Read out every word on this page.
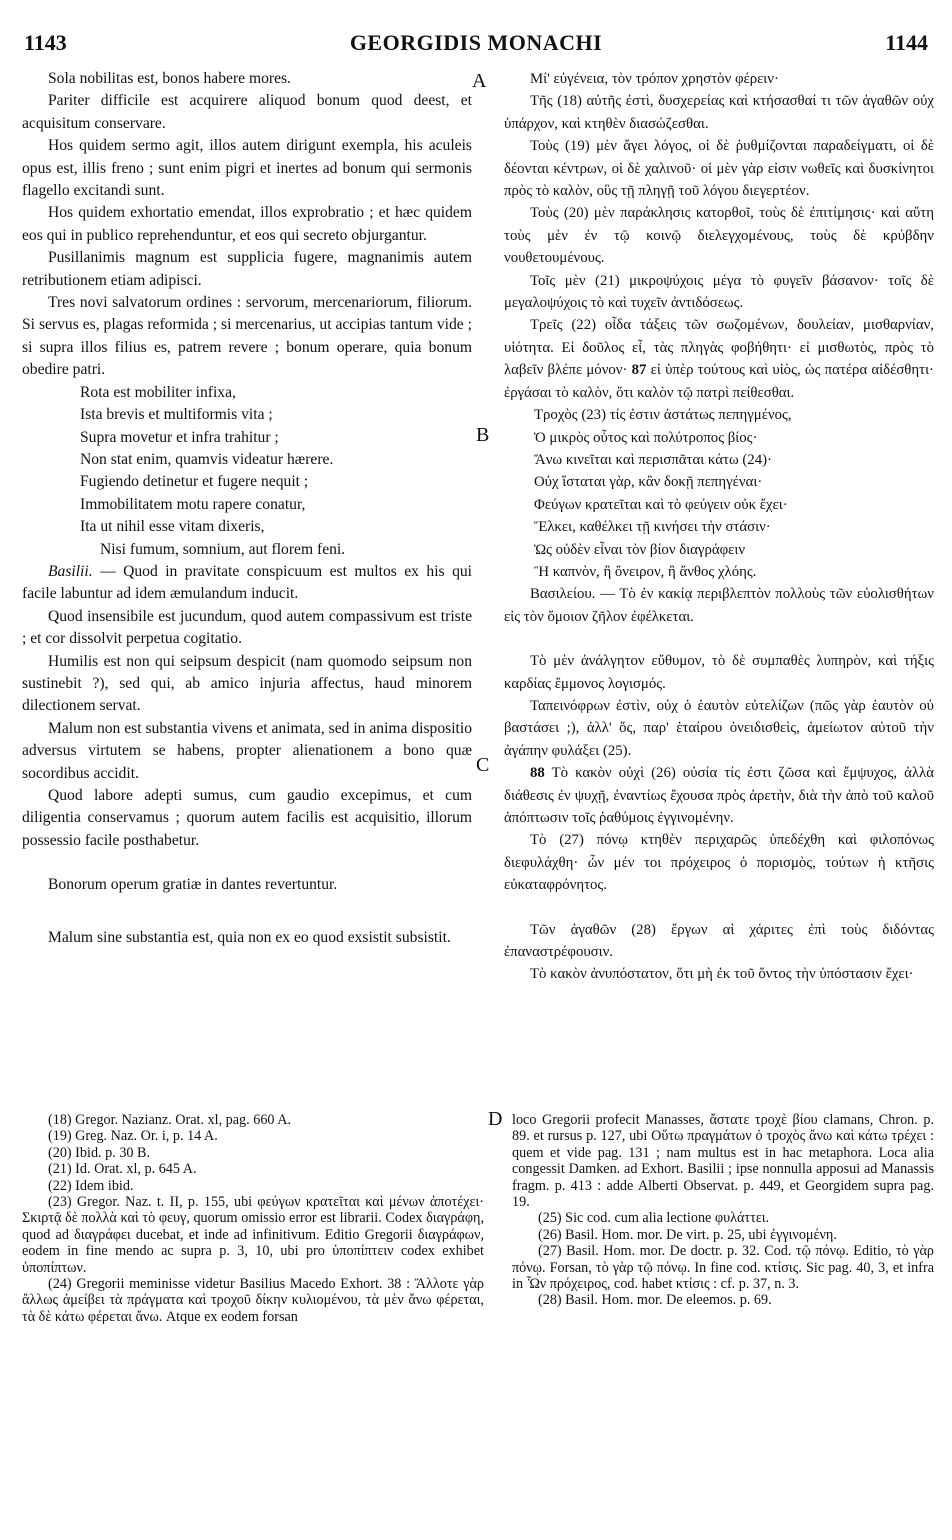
1143	GEORGIDIS MONACHI	1144
A
B
C
D

Sola nobilitas est, bonos habere mores.

Pariter difficile est acquirere aliquod bonum quod deest, et acquisitum conservare.

Hos quidem sermo agit, illos autem dirigunt exempla, his aculeis opus est, illis freno ; sunt enim pigri et inertes ad bonum qui sermonis flagello excitandi sunt.

Hos quidem exhortatio emendat, illos exprobratio ; et hæc quidem eos qui in publico reprehenduntur, et eos qui secreto objurgantur.

Pusillanimis magnum est supplicia fugere, magnanimis autem retributionem etiam adipisci.

Tres novi salvatorum ordines : servorum, mercenariorum, filiorum. Si servus es, plagas reformida ; si mercenarius, ut accipias tantum vide ; si supra illos filius es, patrem revere ; bonum operare, quia bonum obedire patri.

Rota est mobiliter infixa,

Ista brevis et multiformis vita ;

Supra movetur et infra trahitur ;

Non stat enim, quamvis videatur hærere.

Fugiendo detinetur et fugere nequit ;

Immobilitatem motu rapere conatur,

Ita ut nihil esse vitam dixeris,

Nisi fumum, somnium, aut florem feni.

Basilii. — Quod in pravitate conspicuum est multos ex his qui facile labuntur ad idem æmulandum inducit.

Quod insensibile est jucundum, quod autem compassivum est triste ; et cor dissolvit perpetua cogitatio.

Humilis est non qui seipsum despicit (nam quomodo seipsum non sustinebit ?), sed qui, ab amico injuria affectus, haud minorem dilectionem servat.

Malum non est substantia vivens et animata, sed in anima dispositio adversus virtutem se habens, propter alienationem a bono quæ socordibus accidit.

Quod labore adepti sumus, cum gaudio excepimus, et cum diligentia conservamus ; quorum autem facilis est acquisitio, illorum possessio facile posthabetur.

Bonorum operum gratiæ in dantes revertuntur.

Malum sine substantia est, quia non ex eo quod exsistit subsistit.

Μί' εὐγένεια, τὸν τρόπον χρηστὸν φέρειν·

Τῆς (18) αὐτῆς ἐστὶ, δυσχερείας καὶ κτήσασθαί τι τῶν ἀγαθῶν οὐχ ὑπάρχον, καὶ κτηθὲν διασώζεσθαι.

Τοὺς (19) μὲν ἄγει λόγος, οἱ δὲ ῥυθμίζονται παραδείγματι, οἱ δὲ δέονται κέντρων, οἱ δὲ χαλινοῦ· οἱ μὲν γὰρ εἰσιν νωθεῖς καὶ δυσκίνητοι πρὸς τὸ καλὸν, οὓς τῇ πληγῇ τοῦ λόγου διεγερτέον.

Τοὺς (20) μὲν παράκλησις κατορθοῖ, τοὺς δὲ ἐπιτίμησις· καὶ αὕτη τοὺς μὲν ἐν τῷ κοινῷ διελεγχομένους, τοὺς δὲ κρύβδην νουθετουμένους.

Τοῖς μὲν (21) μικροψύχοις μέγα τὸ φυγεῖν βάσανον· τοῖς δὲ μεγαλοψύχοις τὸ καὶ τυχεῖν ἀντιδόσεως.

Τρεῖς (22) οἶδα τάξεις τῶν σωζομένων, δουλείαν, μισθαρνίαν, υἱότητα. Εἰ δοῦλος εἶ, τὰς πληγὰς φοβήθητι· εἰ μισθωτὸς, πρὸς τὸ λαβεῖν βλέπε μόνον· 87 εἰ ὑπὲρ τούτους καὶ υἱὸς, ὡς πατέρα αἰδέσθητι· ἐργάσαι τὸ καλὸν, ὅτι καλὸν τῷ πατρὶ πείθεσθαι.

Τροχὸς (23) τίς ἐστιν ἀστάτως πεπηγμένος,

Ὁ μικρὸς οὗτος καὶ πολύτροπος βίος·

Ἄνω κινεῖται καὶ περισπᾶται κάτω (24)·

Οὐχ ἵσταται γὰρ, κἂν δοκῇ πεπηγέναι·

Φεύγων κρατεῖται καὶ τὸ φεύγειν οὐκ ἔχει·

Ἕλκει, καθέλκει τῇ κινήσει τὴν στάσιν·

Ὡς οὐδὲν εἶναι τὸν βίον διαγράφειν

Ἢ καπνὸν, ἢ ὄνειρον, ἢ ἄνθος χλόης.

Βασιλείου. — Τὸ ἐν κακίᾳ περιβλεπτὸν πολλοὺς τῶν εὐολισθήτων εἰς τὸν ὅμοιον ζῆλον ἐφέλκεται.

Τὸ μὲν ἀνάλγητον εὔθυμον, τὸ δὲ συμπαθὲς λυπηρὸν, καὶ τήξις καρδίας ἔμμονος λογισμός.

Ταπεινόφρων ἐστὶν, οὐχ ὁ ἑαυτὸν εὐτελίζων (πῶς γὰρ ἑαυτὸν οὐ βαστάσει ;), ἀλλ' ὅς, παρ' ἑταίρου ὀνειδισθεὶς, ἀμείωτον αὐτοῦ τὴν ἀγάπην φυλάξει (25).

88 Τὸ κακὸν οὐχὶ (26) οὐσία τίς ἐστι ζῶσα καὶ ἔμψυχος, ἀλλὰ διάθεσις ἐν ψυχῇ, ἐναντίως ἔχουσα πρὸς ἀρετὴν, διὰ τὴν ἀπὸ τοῦ καλοῦ ἀπόπτωσιν τοῖς ῥαθύμοις ἐγγινομένην.

Τὸ (27) πόνῳ κτηθὲν περιχαρῶς ὑπεδέχθη καὶ φιλοπόνως διεφυλάχθη· ὧν μέν τοι πρόχειρος ὁ πορισμὸς, τούτων ἡ κτῆσις εὐκαταφρόνητος.

Τῶν ἀγαθῶν (28) ἔργων αἱ χάριτες ἐπὶ τοὺς διδόντας ἐπαναστρέφουσιν.

Τὸ κακὸν ἀνυπόστατον, ὅτι μὴ ἐκ τοῦ ὄντος τὴν ὑπόστασιν ἔχει·

(18) Gregor. Nazianz. Orat. xl, pag. 660 A.

(19) Greg. Naz. Or. i, p. 14 A.

(20) Ibid. p. 30 B.

(21) Id. Orat. xl, p. 645 A.

(22) Idem ibid.

(23) Gregor. Naz. t. II, p. 155, ubi φεύγων κρατεῖται καὶ μένων ἀποτέχει· Σκιρτᾷ δὲ πολλὰ καὶ τὸ φευγ, quorum omissio error est librarii. Codex διαγράφη, quod ad διαγράφει ducebat, et inde ad infinitivum. Editio Gregorii διαγράφων, eodem in fine mendo ac supra p. 3, 10, ubi pro ὑποπίπτειν codex exhibet ὑποπίπτων.

(24) Gregorii meminisse videtur Basilius Macedo Exhort. 38 : Ἄλλοτε γὰρ ἄλλως ἀμείβει τὰ πράγματα καὶ τροχοῦ δίκην κυλιομένου, τὰ μὲν ἄνω φέρεται, τὰ δὲ κάτω φέρεται ἄνω. Atque ex eodem forsan

loco Gregorii profecit Manasses, ἄστατε τροχὲ βίου clamans, Chron. p. 89. et rursus p. 127, ubi Οὕτω πραγμάτων ὁ τροχὸς ἄνω καὶ κάτω τρέχει : quem et vide pag. 131 ; nam multus est in hac metaphora. Loca alia congessit Damken. ad Exhort. Basilii ; ipse nonnulla apposui ad Manassis fragm. p. 413 : adde Alberti Observat. p. 449, et Georgidem supra pag. 19.

(25) Sic cod. cum alia lectione φυλάττει.

(26) Basil. Hom. mor. De virt. p. 25, ubi ἐγγινομένη.

(27) Basil. Hom. mor. De doctr. p. 32. Cod. τῷ πόνῳ. Editio, τὸ γὰρ πόνῳ. Forsan, τὸ γὰρ τῷ πόνῳ. In fine cod. κτίσις. Sic pag. 40, 3, et infra in Ὧν πρόχειρος, cod. habet κτίσις : cf. p. 37, n. 3.

(28) Basil. Hom. mor. De eleemos. p. 69.
